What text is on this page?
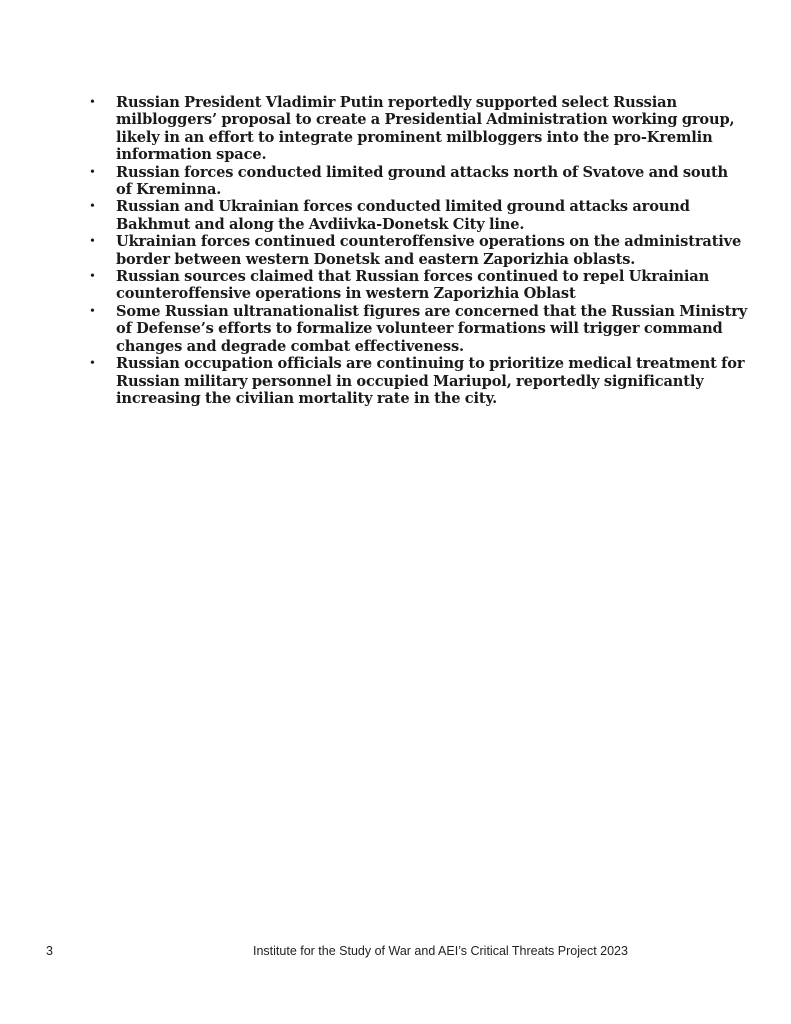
• Russian President Vladimir Putin reportedly supported select Russian milbloggers’ proposal to create a Presidential Administration working group, likely in an effort to integrate prominent milbloggers into the pro-Kremlin information space.
• Russian forces conducted limited ground attacks north of Svatove and south of Kreminna.
• Russian and Ukrainian forces conducted limited ground attacks around Bakhmut and along the Avdiivka-Donetsk City line.
• Ukrainian forces continued counteroffensive operations on the administrative border between western Donetsk and eastern Zaporizhia oblasts.
• Russian sources claimed that Russian forces continued to repel Ukrainian counteroffensive operations in western Zaporizhia Oblast
• Some Russian ultranationalist figures are concerned that the Russian Ministry of Defense’s efforts to formalize volunteer formations will trigger command changes and degrade combat effectiveness.
• Russian occupation officials are continuing to prioritize medical treatment for Russian military personnel in occupied Mariupol, reportedly significantly increasing the civilian mortality rate in the city.
3	Institute for the Study of War and AEI’s Critical Threats Project 2023
